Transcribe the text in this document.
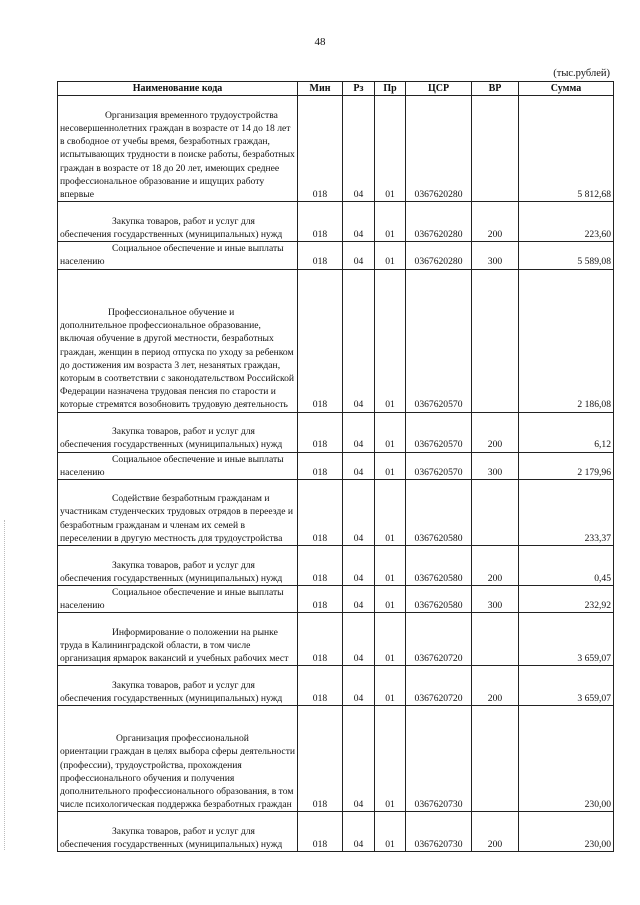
48
(тыс.рублей)
Наименование кода	Мин	Рз	Пр	ЦСР	ВР	Сумма
Организация временного трудоустройства несовершеннолетних граждан в возрасте от 14 до 18 лет в свободное от учебы время, безработных граждан, испытывающих трудности в поиске работы, безработных граждан в возрасте от 18 до 20 лет, имеющих среднее профессиональное образование и ищущих работу впервые	018	04	01	0367620280		5 812,68
Закупка товаров, работ и услуг для обеспечения государственных (муниципальных) нужд	018	04	01	0367620280	200	223,60
Социальное обеспечение и иные выплаты населению	018	04	01	0367620280	300	5 589,08
Профессиональное обучение и дополнительное профессиональное образование, включая обучение в другой местности, безработных граждан, женщин в период отпуска по уходу за ребенком до достижения им возраста 3 лет, незанятых граждан, которым в соответствии с законодательством Российской Федерации назначена трудовая пенсия по старости и которые стремятся возобновить трудовую деятельность	018	04	01	0367620570		2 186,08
Закупка товаров, работ и услуг для обеспечения государственных (муниципальных) нужд	018	04	01	0367620570	200	6,12
Социальное обеспечение и иные выплаты населению	018	04	01	0367620570	300	2 179,96
Содействие безработным гражданам и участникам студенческих трудовых отрядов в переезде и безработным гражданам и членам их семей в переселении в другую местность для трудоустройства	018	04	01	0367620580		233,37
Закупка товаров, работ и услуг для обеспечения государственных (муниципальных) нужд	018	04	01	0367620580	200	0,45
Социальное обеспечение и иные выплаты населению	018	04	01	0367620580	300	232,92
Информирование о положении на рынке труда в Калининградской области, в том числе организация ярмарок вакансий и учебных рабочих мест	018	04	01	0367620720		3 659,07
Закупка товаров, работ и услуг для обеспечения государственных (муниципальных) нужд	018	04	01	0367620720	200	3 659,07
Организация профессиональной ориентации граждан в целях выбора сферы деятельности (профессии), трудоустройства, прохождения профессионального обучения и получения дополнительного профессионального образования, в том числе психологическая поддержка безработных граждан	018	04	01	0367620730		230,00
Закупка товаров, работ и услуг для обеспечения государственных (муниципальных) нужд	018	04	01	0367620730	200	230,00
